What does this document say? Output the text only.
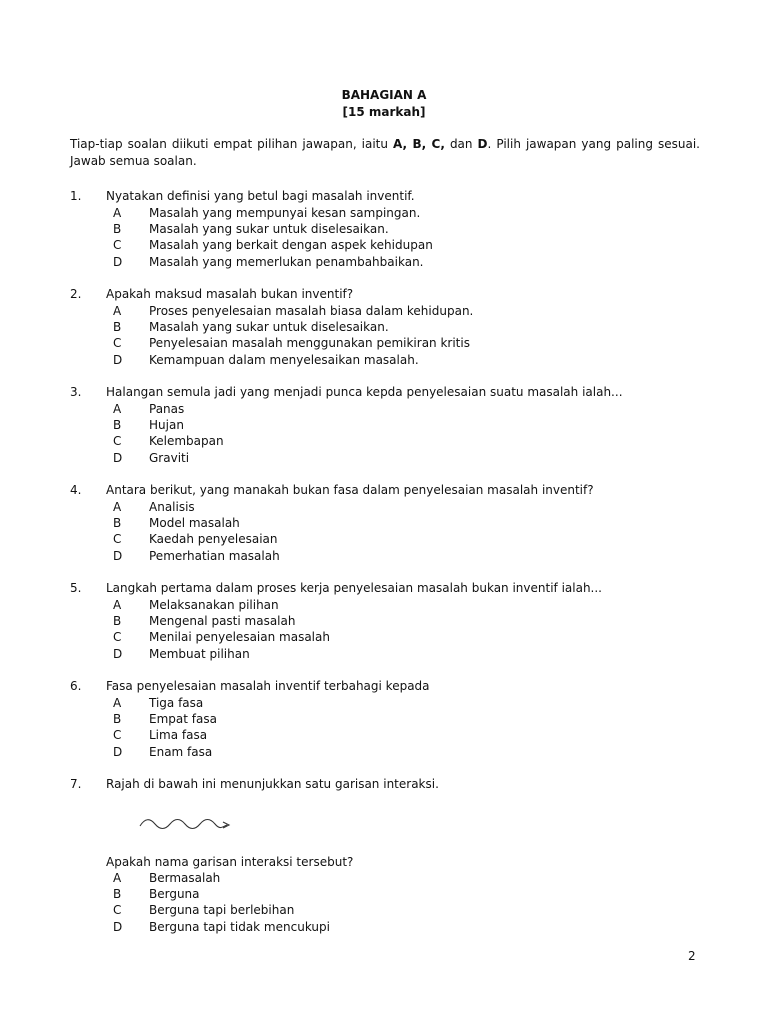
BAHAGIAN A
[15 markah]
Tiap-tiap soalan diikuti empat pilihan jawapan, iaitu A, B, C, dan D. Pilih jawapan yang paling sesuai. Jawab semua soalan.
1. Nyatakan definisi yang betul bagi masalah inventif.
A Masalah yang mempunyai kesan sampingan.
B Masalah yang sukar untuk diselesaikan.
C Masalah yang berkait dengan aspek kehidupan
D Masalah yang memerlukan penambahbaikan.
2. Apakah maksud masalah bukan inventif?
A Proses penyelesaian masalah biasa dalam kehidupan.
B Masalah yang sukar untuk diselesaikan.
C Penyelesaian masalah menggunakan pemikiran kritis
D Kemampuan dalam menyelesaikan masalah.
3. Halangan semula jadi yang menjadi punca kepda penyelesaian suatu masalah ialah...
A Panas
B Hujan
C Kelembapan
D Graviti
4. Antara berikut, yang manakah bukan fasa dalam penyelesaian masalah inventif?
A Analisis
B Model masalah
C Kaedah penyelesaian
D Pemerhatian masalah
5. Langkah pertama dalam proses kerja penyelesaian masalah bukan inventif ialah...
A Melaksanakan pilihan
B Mengenal pasti masalah
C Menilai penyelesaian masalah
D Membuat pilihan
6. Fasa penyelesaian masalah inventif terbahagi kepada
A Tiga fasa
B Empat fasa
C Lima fasa
D Enam fasa
7. Rajah di bawah ini menunjukkan satu garisan interaksi.
Apakah nama garisan interaksi tersebut?
A Bermasalah
B Berguna
C Berguna tapi berlebihan
D Berguna tapi tidak mencukupi
2
